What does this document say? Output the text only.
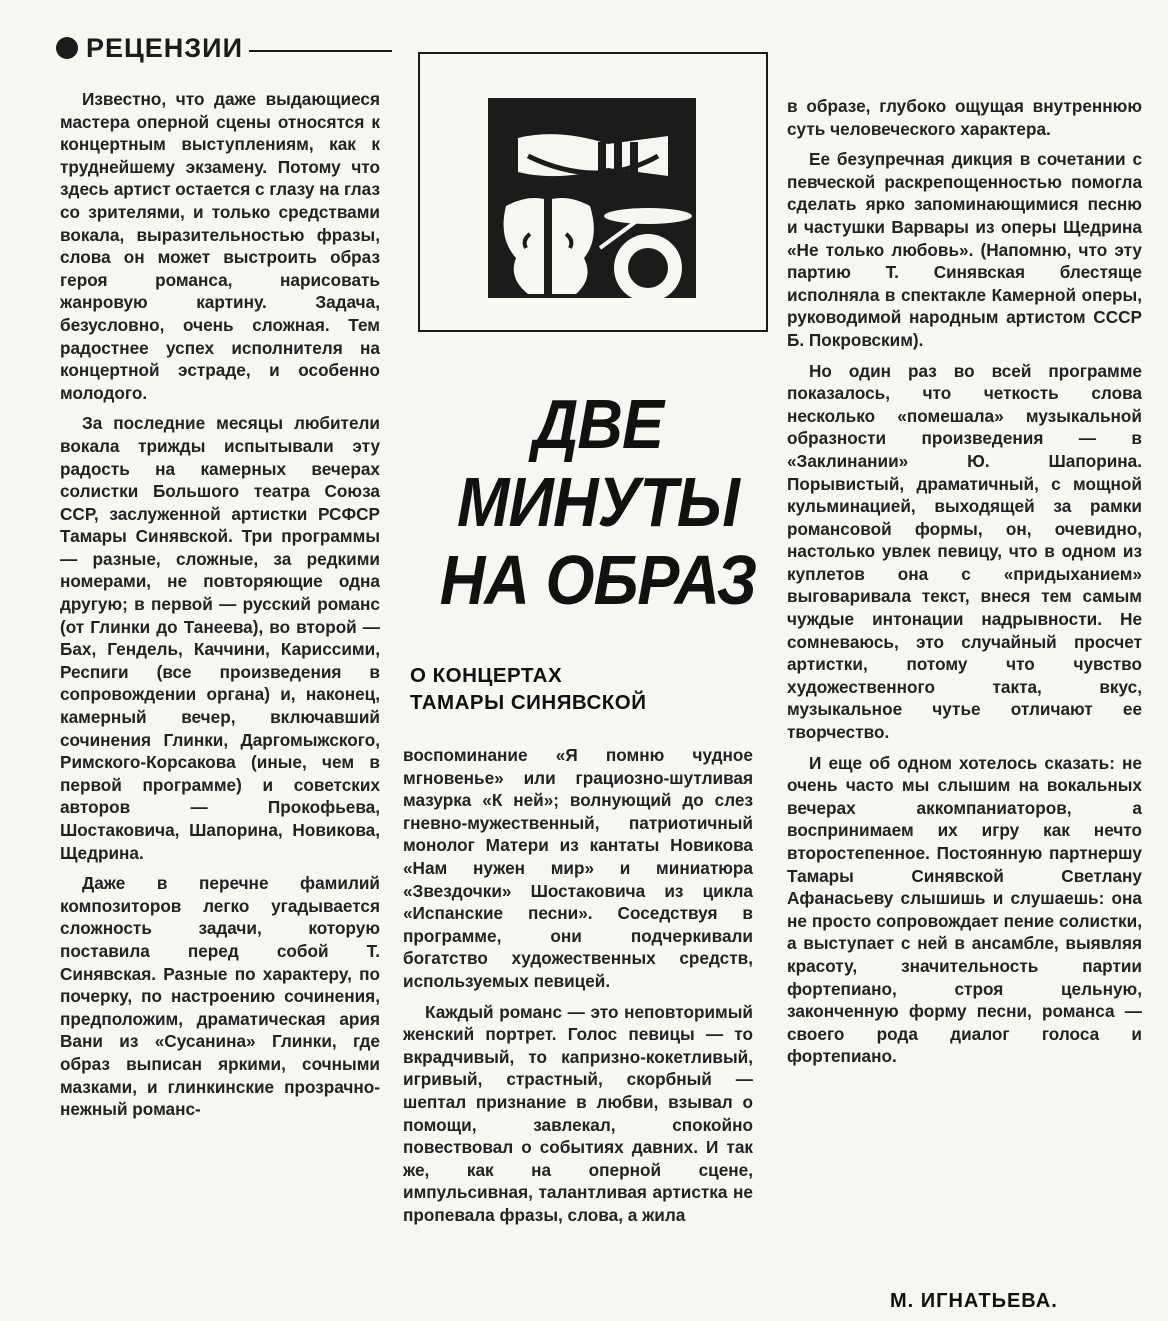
РЕЦЕНЗИИ

Известно, что даже выдающиеся мастера оперной сцены относятся к концертным выступлениям, как к труднейшему экзамену. Потому что здесь артист остается с глазу на глаз со зрителями, и только средствами вокала, выразительностью фразы, слова он может выстроить образ героя романса, нарисовать жанровую картину. Задача, безусловно, очень сложная. Тем радостнее успех исполнителя на концертной эстраде, и особенно молодого.

За последние месяцы любители вокала трижды испытывали эту радость на камерных вечерах солистки Большого театра Союза ССР, заслуженной артистки РСФСР Тамары Синявской. Три программы — разные, сложные, за редкими номерами, не повторяющие одна другую; в первой — русский романс (от Глинки до Танеева), во второй — Бах, Гендель, Каччини, Кариссими, Респиги (все произведения в сопровождении органа) и, наконец, камерный вечер, включавший сочинения Глинки, Даргомыжского, Римского-Корсакова (иные, чем в первой программе) и советских авторов — Прокофьева, Шостаковича, Шапорина, Новикова, Щедрина.

Даже в перечне фамилий композиторов легко угадывается сложность задачи, которую поставила перед собой Т. Синявская. Разные по характеру, по почерку, по настроению сочинения, предположим, драматическая ария Вани из «Сусанина» Глинки, где образ выписан яркими, сочными мазками, и глинкинские прозрачно-нежный романс-

ДВЕ
МИНУТЫ
НА ОБРАЗ
О КОНЦЕРТАХ
ТАМАРЫ СИНЯВСКОЙ

воспоминание «Я помню чудное мгновенье» или грациозно-шутливая мазурка «К ней»; волнующий до слез гневно-мужественный, патриотичный монолог Матери из кантаты Новикова «Нам нужен мир» и миниатюра «Звездочки» Шостаковича из цикла «Испанские песни». Соседствуя в программе, они подчеркивали богатство художественных средств, используемых певицей.

Каждый романс — это неповторимый женский портрет. Голос певицы — то вкрадчивый, то капризно-кокетливый, игривый, страстный, скорбный — шептал признание в любви, взывал о помощи, завлекал, спокойно повествовал о событиях давних. И так же, как на оперной сцене, импульсивная, талантливая артистка не пропевала фразы, слова, а жила

в образе, глубоко ощущая внутреннюю суть человеческого характера.

Ее безупречная дикция в сочетании с певческой раскрепощенностью помогла сделать ярко запоминающимися песню и частушки Варвары из оперы Щедрина «Не только любовь». (Напомню, что эту партию Т. Синявская блестяще исполняла в спектакле Камерной оперы, руководимой народным артистом СССР Б. Покровским).

Но один раз во всей программе показалось, что четкость слова несколько «помешала» музыкальной образности произведения — в «Заклинании» Ю. Шапорина. Порывистый, драматичный, с мощной кульминацией, выходящей за рамки романсовой формы, он, очевидно, настолько увлек певицу, что в одном из куплетов она с «придыханием» выговаривала текст, внеся тем самым чуждые интонации надрывности. Не сомневаюсь, это случайный просчет артистки, потому что чувство художественного такта, вкус, музыкальное чутье отличают ее творчество.

И еще об одном хотелось сказать: не очень часто мы слышим на вокальных вечерах аккомпаниаторов, а воспринимаем их игру как нечто второстепенное. Постоянную партнершу Тамары Синявской Светлану Афанасьеву слышишь и слушаешь: она не просто сопровождает пение солистки, а выступает с ней в ансамбле, выявляя красоту, значительность партии фортепиано, строя цельную, законченную форму песни, романса — своего рода диалог голоса и фортепиано.

М. ИГНАТЬЕВА.
